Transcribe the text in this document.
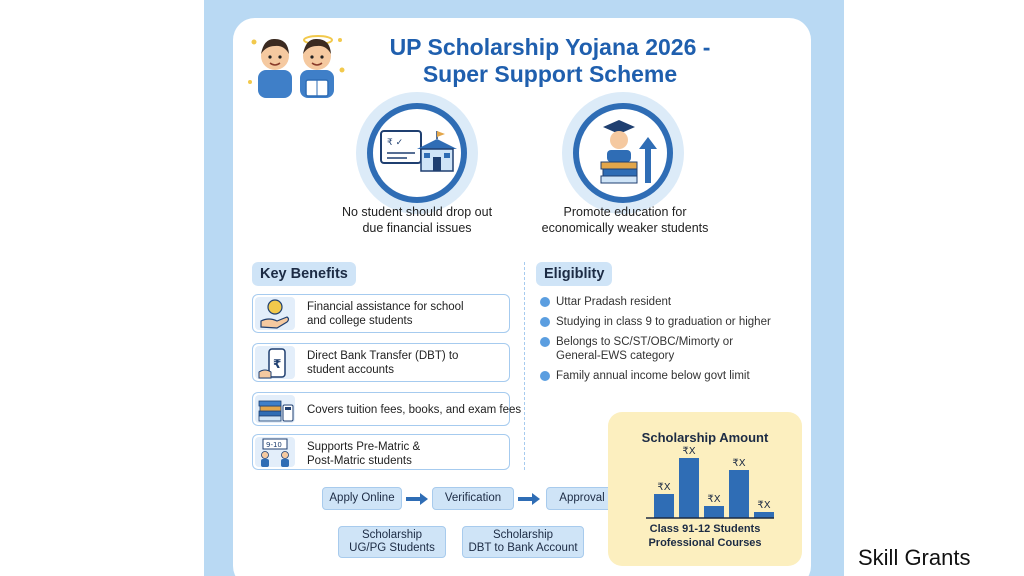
UP Scholarship Yojana 2026 -
Super Support Scheme
₹ ✓
No student should drop out
due financial issues
Promote education for
economically weaker students
Key Benefits
Financial assistance for school
and college students
₹
Direct Bank Transfer (DBT) to
student accounts
Covers tuition fees, books, and exam fees
9-10 Supports Pre-Matric &
Post-Matric students
Eligiblity
Uttar Pradash resident
Studying in class 9 to graduation or higher
Belongs to SC/ST/OBC/Mimorty or
General-EWS category
Family annual income below govt limit
Apply Online	Verification	Approval
Scholarship
UG/PG Students
Scholarship
DBT to Bank Account
Scholarship Amount
₹X
₹X
₹X
₹X
₹X
Class 91-12 Students
Professional Courses
Skill Grants
